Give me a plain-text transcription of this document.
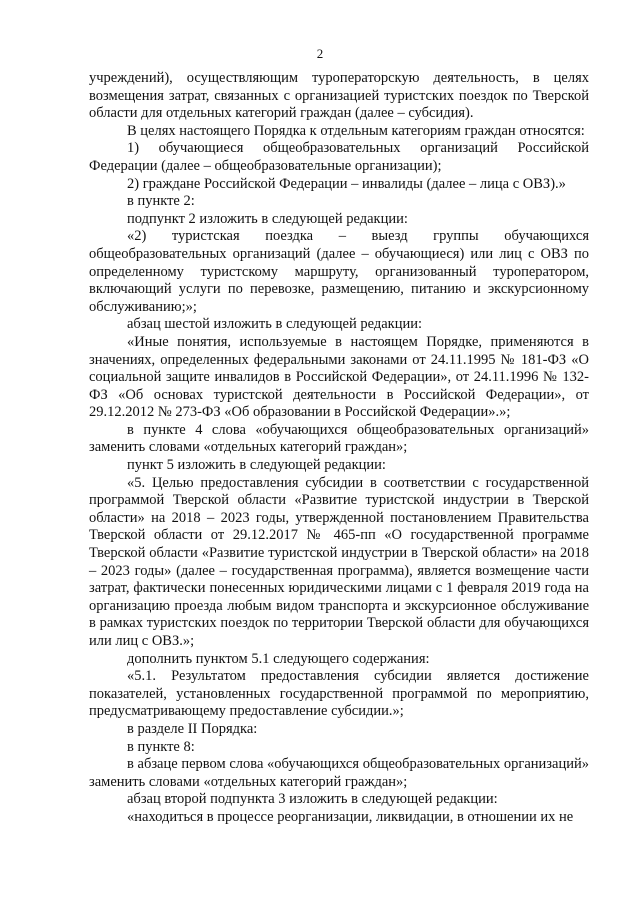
2

учреждений), осуществляющим туроператорскую деятельность, в целях возмещения затрат, связанных с организацией туристских поездок по Тверской области для отдельных категорий граждан (далее – субсидия).

В целях настоящего Порядка к отдельным категориям граждан относятся:

1) обучающиеся общеобразовательных организаций Российской Федерации (далее – общеобразовательные организации);

2) граждане Российской Федерации – инвалиды (далее – лица с ОВЗ).»

в пункте 2:

подпункт 2 изложить в следующей редакции:

«2) туристская поездка – выезд группы обучающихся общеобразовательных организаций (далее – обучающиеся) или лиц с ОВЗ по определенному туристскому маршруту, организованный туроператором, включающий услуги по перевозке, размещению, питанию и экскурсионному обслуживанию;»;

абзац шестой изложить в следующей редакции:

«Иные понятия, используемые в настоящем Порядке, применяются в значениях, определенных федеральными законами от 24.11.1995 № 181-ФЗ «О социальной защите инвалидов в Российской Федерации», от 24.11.1996 № 132-ФЗ «Об основах туристской деятельности в Российской Федерации», от 29.12.2012 № 273-ФЗ «Об образовании в Российской Федерации».»;

в пункте 4 слова «обучающихся общеобразовательных организаций» заменить словами «отдельных категорий граждан»;

пункт 5 изложить в следующей редакции:

«5. Целью предоставления субсидии в соответствии с государственной программой Тверской области «Развитие туристской индустрии в Тверской области» на 2018 – 2023 годы, утвержденной постановлением Правительства Тверской области от 29.12.2017 № 465-пп «О государственной программе Тверской области «Развитие туристской индустрии в Тверской области» на 2018 – 2023 годы» (далее – государственная программа), является возмещение части затрат, фактически понесенных юридическими лицами с 1 февраля 2019 года на организацию проезда любым видом транспорта и экскурсионное обслуживание в рамках туристских поездок по территории Тверской области для обучающихся или лиц с ОВЗ.»;

дополнить пунктом 5.1 следующего содержания:

«5.1. Результатом предоставления субсидии является достижение показателей, установленных государственной программой по мероприятию, предусматривающему предоставление субсидии.»;

в разделе II Порядка:

в пункте 8:

в абзаце первом слова «обучающихся общеобразовательных организаций» заменить словами «отдельных категорий граждан»;

абзац второй подпункта 3 изложить в следующей редакции:

«находиться в процессе реорганизации, ликвидации, в отношении их не
